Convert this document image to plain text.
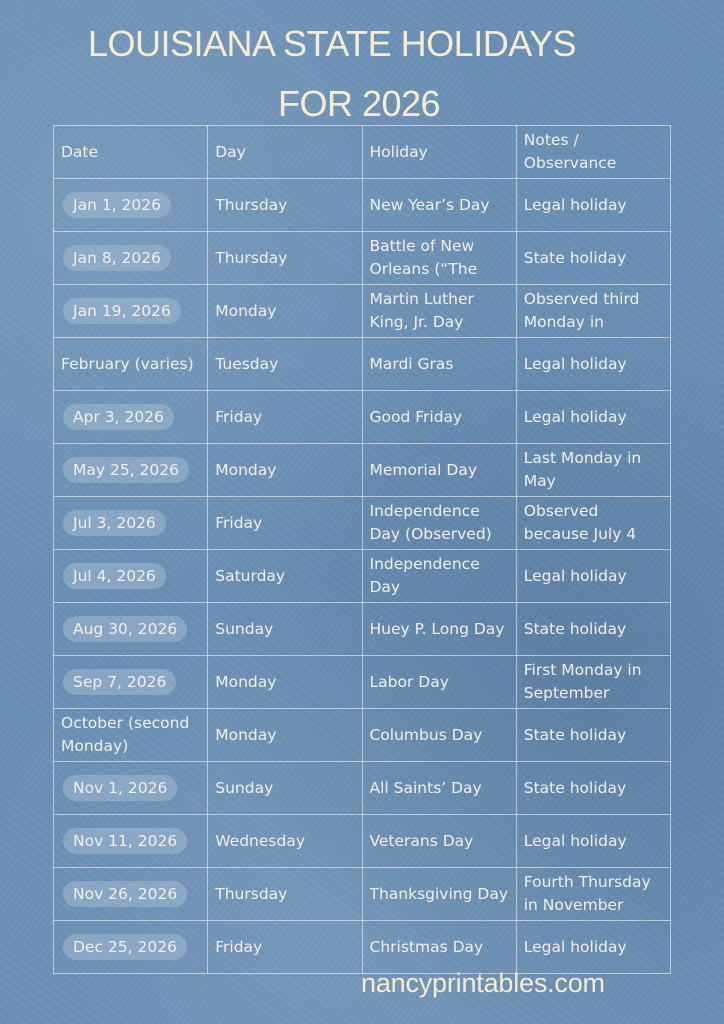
LOUISIANA STATE HOLIDAYS
FOR 2026
Date	Day	Holiday	Notes / Observance

Jan 1, 2026	Thursday	New Year’s Day	Legal holiday

Jan 8, 2026	Thursday	Battle of New Orleans (“The	State holiday

Jan 19, 2026	Monday	Martin Luther King, Jr. Day	Observed third Monday in

February (varies)	Tuesday	Mardi Gras	Legal holiday

Apr 3, 2026	Friday	Good Friday	Legal holiday

May 25, 2026	Monday	Memorial Day	Last Monday in May

Jul 3, 2026	Friday	Independence Day (Observed)	Observed because July 4

Jul 4, 2026	Saturday	Independence Day	Legal holiday

Aug 30, 2026	Sunday	Huey P. Long Day	State holiday

Sep 7, 2026	Monday	Labor Day	First Monday in September

October (second Monday)	Monday	Columbus Day	State holiday

Nov 1, 2026	Sunday	All Saints’ Day	State holiday

Nov 11, 2026	Wednesday	Veterans Day	Legal holiday

Nov 26, 2026	Thursday	Thanksgiving Day	Fourth Thursday in November

Dec 25, 2026	Friday	Christmas Day	Legal holiday
nancyprintables.com
